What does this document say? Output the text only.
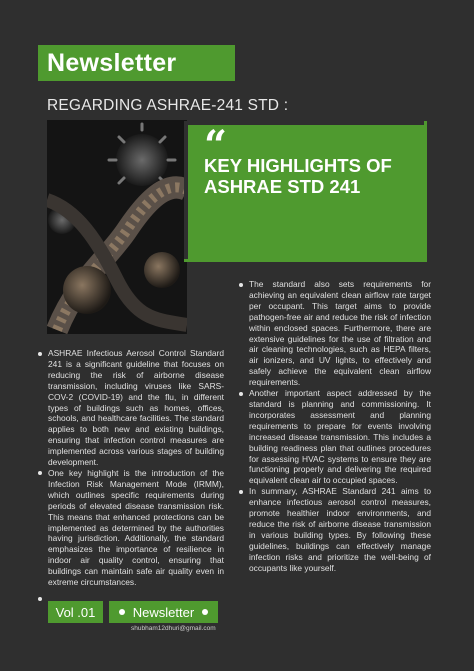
Newsletter
REGARDING ASHRAE-241 STD :
“
KEY HIGHLIGHTS OF
ASHRAE STD 241
ASHRAE Infectious Aerosol Control Standard 241 is a significant guideline that focuses on reducing the risk of airborne disease transmission, including viruses like SARS-COV-2 (COVID-19) and the flu, in different types of buildings such as homes, offices, schools, and healthcare facilities. The standard applies to both new and existing buildings, ensuring that infection control measures are implemented across various stages of building development.
One key highlight is the introduction of the Infection Risk Management Mode (IRMM), which outlines specific requirements during periods of elevated disease transmission risk. This means that enhanced protections can be implemented as determined by the authorities having jurisdiction. Additionally, the standard emphasizes the importance of resilience in indoor air quality control, ensuring that buildings can maintain safe air quality even in extreme circumstances.
The standard also sets requirements for achieving an equivalent clean airflow rate target per occupant. This target aims to provide pathogen-free air and reduce the risk of infection within enclosed spaces. Furthermore, there are extensive guidelines for the use of filtration and air cleaning technologies, such as HEPA filters, air ionizers, and UV lights, to effectively and safely achieve the equivalent clean airflow requirements.
Another important aspect addressed by the standard is planning and commissioning. It incorporates assessment and planning requirements to prepare for events involving increased disease transmission. This includes a building readiness plan that outlines procedures for assessing HVAC systems to ensure they are functioning properly and delivering the required equivalent clean air to occupied spaces.
In summary, ASHRAE Standard 241 aims to enhance infectious aerosol control measures, promote healthier indoor environments, and reduce the risk of airborne disease transmission in various building types. By following these guidelines, buildings can effectively manage infection risks and prioritize the well-being of occupants like yourself.
Vol .01	Newsletter
shubham12dhuri@gmail.com
